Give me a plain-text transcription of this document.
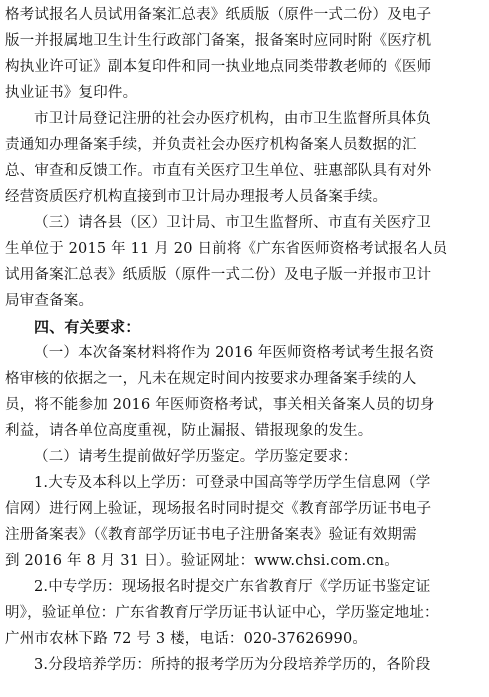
格考试报名人员试用备案汇总表》纸质版（原件一式二份）及电子
版一并报属地卫生计生行政部门备案，报备案时应同时附《医疗机
构执业许可证》副本复印件和同一执业地点同类带教老师的《医师
执业证书》复印件。
市卫计局登记注册的社会办医疗机构，由市卫生监督所具体负
责通知办理备案手续，并负责社会办医疗机构备案人员数据的汇
总、审查和反馈工作。市直有关医疗卫生单位、驻惠部队具有对外
经营资质医疗机构直接到市卫计局办理报考人员备案手续。
（三）请各县（区）卫计局、市卫生监督所、市直有关医疗卫
生单位于 2015 年 11 月 20 日前将《广东省医师资格考试报名人员
试用备案汇总表》纸质版（原件一式二份）及电子版一并报市卫计
局审查备案。
四、有关要求：
（一）本次备案材料将作为 2016 年医师资格考试考生报名资
格审核的依据之一，凡未在规定时间内按要求办理备案手续的人
员，将不能参加 2016 年医师资格考试，事关相关备案人员的切身
利益，请各单位高度重视，防止漏报、错报现象的发生。
（二）请考生提前做好学历鉴定。学历鉴定要求：
1.大专及本科以上学历：可登录中国高等学历学生信息网（学
信网）进行网上验证，现场报名时同时提交《教育部学历证书电子
注册备案表》（《教育部学历证书电子注册备案表》验证有效期需
到 2016 年 8 月 31 日）。验证网址：www.chsi.com.cn。
2.中专学历：现场报名时提交广东省教育厅《学历证书鉴定证
明》，验证单位：广东省教育厅学历证书认证中心，学历鉴定地址：
广州市农林下路 72 号 3 楼，电话：020-37626990。
3.分段培养学历：所持的报考学历为分段培养学历的，各阶段
